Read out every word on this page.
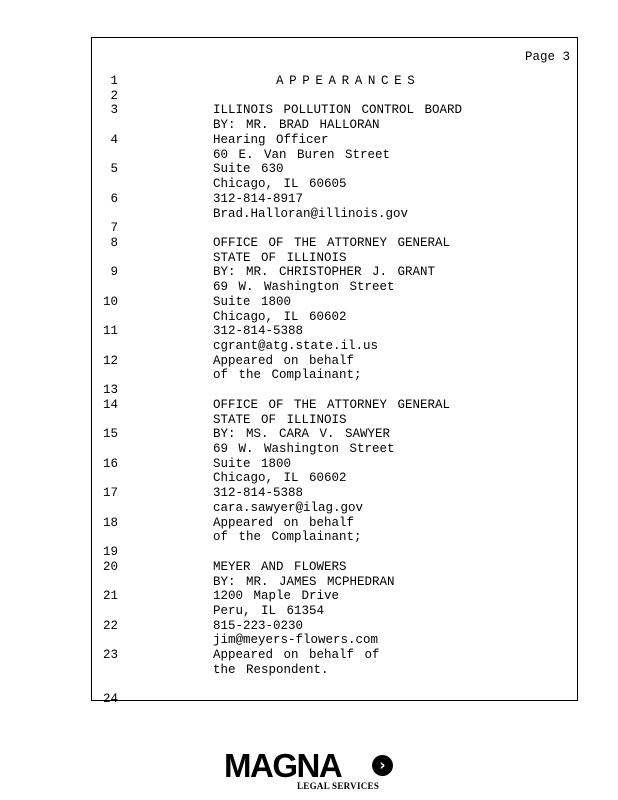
Page 3
1	APPEARANCES
2
3	ILLINOIS POLLUTION CONTROL BOARD
BY: MR. BRAD HALLORAN
4	Hearing Officer
60 E. Van Buren Street
5	Suite 630
Chicago, IL 60605
6	312-814-8917
Brad.Halloran@illinois.gov
7
8	OFFICE OF THE ATTORNEY GENERAL
STATE OF ILLINOIS
9	BY: MR. CHRISTOPHER J. GRANT
69 W. Washington Street
10	Suite 1800
Chicago, IL 60602
11	312-814-5388
cgrant@atg.state.il.us
12	Appeared on behalf
of the Complainant;
13
14	OFFICE OF THE ATTORNEY GENERAL
STATE OF ILLINOIS
15	BY: MS. CARA V. SAWYER
69 W. Washington Street
16	Suite 1800
Chicago, IL 60602
17	312-814-5388
cara.sawyer@ilag.gov
18	Appeared on behalf
of the Complainant;
19
20	MEYER AND FLOWERS
BY: MR. JAMES MCPHEDRAN
21	1200 Maple Drive
Peru, IL 61354
22	815-223-0230
jim@meyers-flowers.com
23	Appeared on behalf of
the Respondent.
24
MAGNA	›
LEGAL SERVICES
